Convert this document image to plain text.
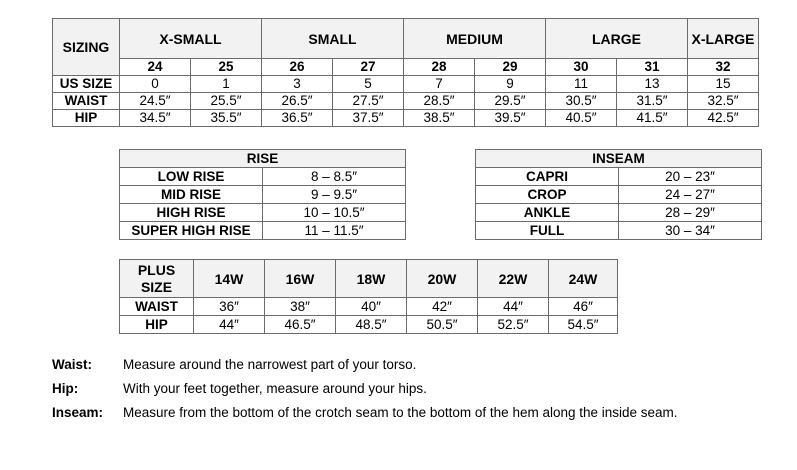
SIZING	X-SMALL		SMALL		MEDIUM		LARGE		X-LARGE
	24	25	26	27	28	29	30	31	32
US SIZE	0	1	3	5	7	9	11	13	15
WAIST	24.5″	25.5″	26.5″	27.5″	28.5″	29.5″	30.5″	31.5″	32.5″
HIP	34.5″	35.5″	36.5″	37.5″	38.5″	39.5″	40.5″	41.5″	42.5″
RISE	
LOW RISE	8 – 8.5″
MID RISE	9 – 9.5″
HIGH RISE	10 – 10.5″
SUPER HIGH RISE	11 – 11.5″
INSEAM	
CAPRI	20 – 23″
CROP	24 – 27″
ANKLE	28 – 29″
FULL	30 – 34″
PLUS
SIZE	14W	16W	18W	20W	22W	24W
WAIST	36″	38″	40″	42″	44″	46″
HIP	44″	46.5″	48.5″	50.5″	52.5″	54.5″
Waist: Measure around the narrowest part of your torso.
Hip:	With your feet together, measure around your hips.
Inseam: Measure from the bottom of the crotch seam to the bottom of the hem along the inside seam.
